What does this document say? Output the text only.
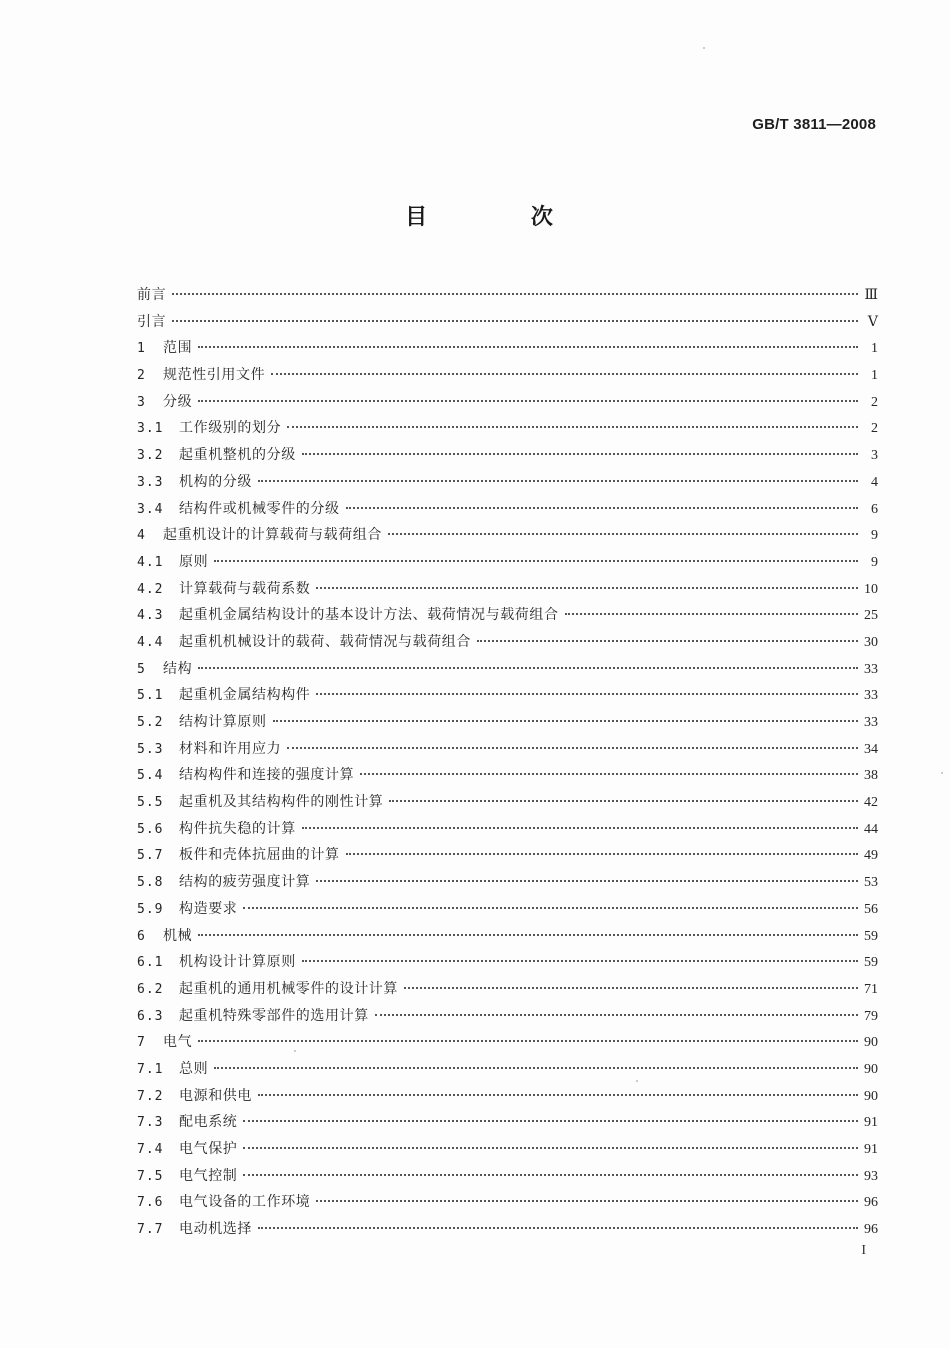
GB/T 3811—2008
目 次
前言	Ⅲ
引言	Ⅴ
1	范围	1
2	规范性引用文件	1
3	分级	2
3.1	工作级别的划分	2
3.2	起重机整机的分级	3
3.3	机构的分级	4
3.4	结构件或机械零件的分级	6
4	起重机设计的计算载荷与载荷组合	9
4.1	原则	9
4.2	计算载荷与载荷系数	10
4.3	起重机金属结构设计的基本设计方法、载荷情况与载荷组合	25
4.4	起重机机械设计的载荷、载荷情况与载荷组合	30
5	结构	33
5.1	起重机金属结构构件	33
5.2	结构计算原则	33
5.3	材料和许用应力	34
5.4	结构构件和连接的强度计算	38
5.5	起重机及其结构构件的刚性计算	42
5.6	构件抗失稳的计算	44
5.7	板件和壳体抗屈曲的计算	49
5.8	结构的疲劳强度计算	53
5.9	构造要求	56
6	机械	59
6.1	机构设计计算原则	59
6.2	起重机的通用机械零件的设计计算	71
6.3	起重机特殊零部件的选用计算	79
7	电气	90
7.1	总则	90
7.2	电源和供电	90
7.3	配电系统	91
7.4	电气保护	91
7.5	电气控制	93
7.6	电气设备的工作环境	96
7.7	电动机选择	96
I
